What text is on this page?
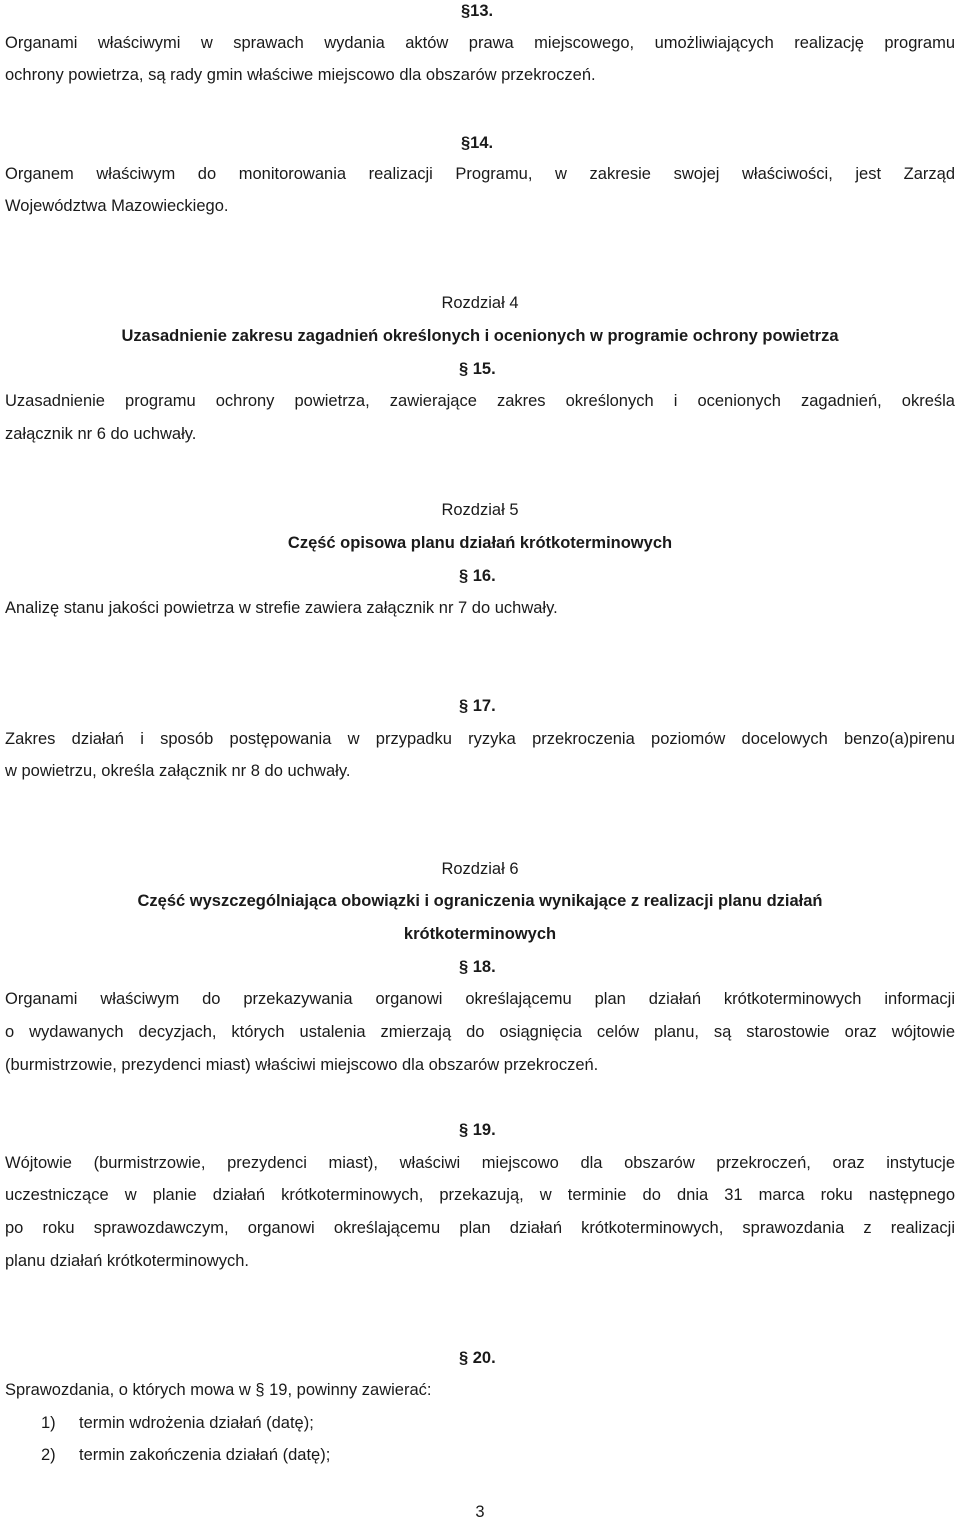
§13.
Organami właściwymi w sprawach wydania aktów prawa miejscowego, umożliwiających realizację programu
ochrony powietrza, są rady gmin właściwe miejscowo dla obszarów przekroczeń.
§14.
Organem właściwym do monitorowania realizacji Programu, w zakresie swojej właściwości, jest Zarząd
Województwa Mazowieckiego.
Rozdział 4
Uzasadnienie zakresu zagadnień określonych i ocenionych w programie ochrony powietrza
§ 15.
Uzasadnienie programu ochrony powietrza, zawierające zakres określonych i ocenionych zagadnień, określa
załącznik nr 6 do uchwały.
Rozdział 5
Część opisowa planu działań krótkoterminowych
§ 16.
Analizę stanu jakości powietrza w strefie zawiera załącznik nr 7 do uchwały.
§ 17.
Zakres działań i sposób postępowania w przypadku ryzyka przekroczenia poziomów docelowych benzo(a)pirenu
w powietrzu, określa załącznik nr 8 do uchwały.
Rozdział 6
Część wyszczególniająca obowiązki i ograniczenia wynikające z realizacji planu działań
krótkoterminowych
§ 18.
Organami właściwym do przekazywania organowi określającemu plan działań krótkoterminowych informacji
o wydawanych decyzjach, których ustalenia zmierzają do osiągnięcia celów planu, są starostowie oraz wójtowie
(burmistrzowie, prezydenci miast) właściwi miejscowo dla obszarów przekroczeń.
§ 19.
Wójtowie (burmistrzowie, prezydenci miast), właściwi miejscowo dla obszarów przekroczeń, oraz instytucje
uczestniczące w planie działań krótkoterminowych, przekazują, w terminie do dnia 31 marca roku następnego
po roku sprawozdawczym, organowi określającemu plan działań krótkoterminowych, sprawozdania z realizacji
planu działań krótkoterminowych.
§ 20.
Sprawozdania, o których mowa w § 19, powinny zawierać:
1) termin wdrożenia działań (datę);
2) termin zakończenia działań (datę);
3
